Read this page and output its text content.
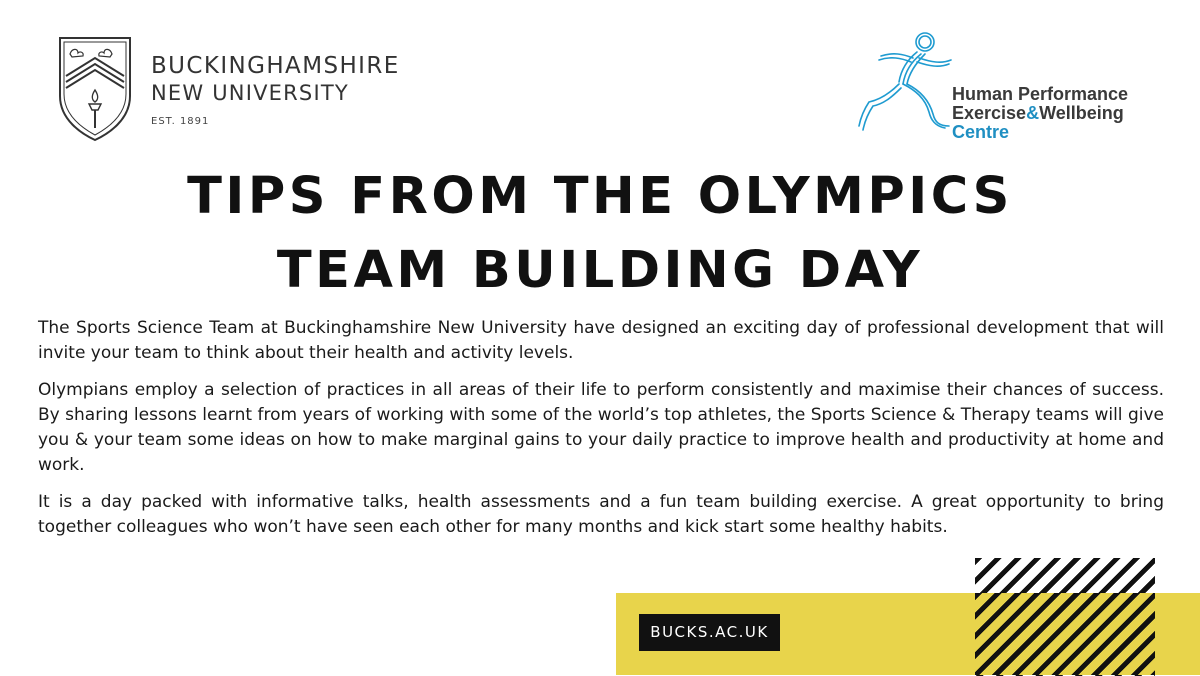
BUCKINGHAMSHIRE
NEW UNIVERSITY
EST. 1891
Human Performance
Exercise&Wellbeing
Centre
TIPS FROM THE OLYMPICS
TEAM BUILDING DAY

The Sports Science Team at Buckinghamshire New University have designed an exciting day of professional development that will invite your team to think about their health and activity levels.

Olympians employ a selection of practices in all areas of their life to perform consistently and maximise their chances of success. By sharing lessons learnt from years of working with some of the world’s top athletes, the Sports Science & Therapy teams will give you & your team some ideas on how to make marginal gains to your daily practice to improve health and productivity at home and work.

It is a day packed with informative talks, health assessments and a fun team building exercise. A great opportunity to bring together colleagues who won’t have seen each other for many months and kick start some healthy habits.

BUCKS.AC.UK
